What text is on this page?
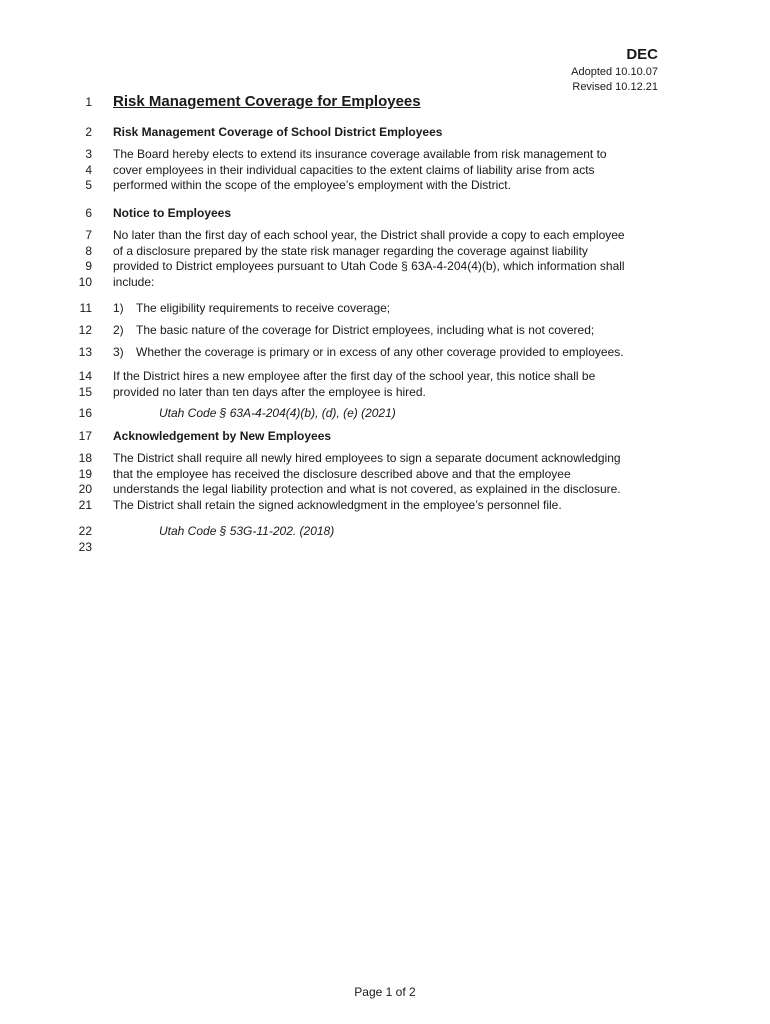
DEC
Adopted 10.10.07
Revised 10.12.21
1
2
3
4
5
6
7
8
9
10
11
12
13
14
15
16
17
18
19
20
21
22
23
Risk Management Coverage for Employees
Risk Management Coverage of School District Employees
The Board hereby elects to extend its insurance coverage available from risk management to
cover employees in their individual capacities to the extent claims of liability arise from acts
performed within the scope of the employee’s employment with the District.
Notice to Employees
No later than the first day of each school year, the District shall provide a copy to each employee
of a disclosure prepared by the state risk manager regarding the coverage against liability
provided to District employees pursuant to Utah Code § 63A-4-204(4)(b), which information shall
include:
1) The eligibility requirements to receive coverage;
2) The basic nature of the coverage for District employees, including what is not covered;
3) Whether the coverage is primary or in excess of any other coverage provided to employees.
If the District hires a new employee after the first day of the school year, this notice shall be
provided no later than ten days after the employee is hired.
Utah Code § 63A-4-204(4)(b), (d), (e) (2021)
Acknowledgement by New Employees
The District shall require all newly hired employees to sign a separate document acknowledging
that the employee has received the disclosure described above and that the employee
understands the legal liability protection and what is not covered, as explained in the disclosure.
The District shall retain the signed acknowledgment in the employee’s personnel file.
Utah Code § 53G-11-202. (2018)
Page 1 of 2
